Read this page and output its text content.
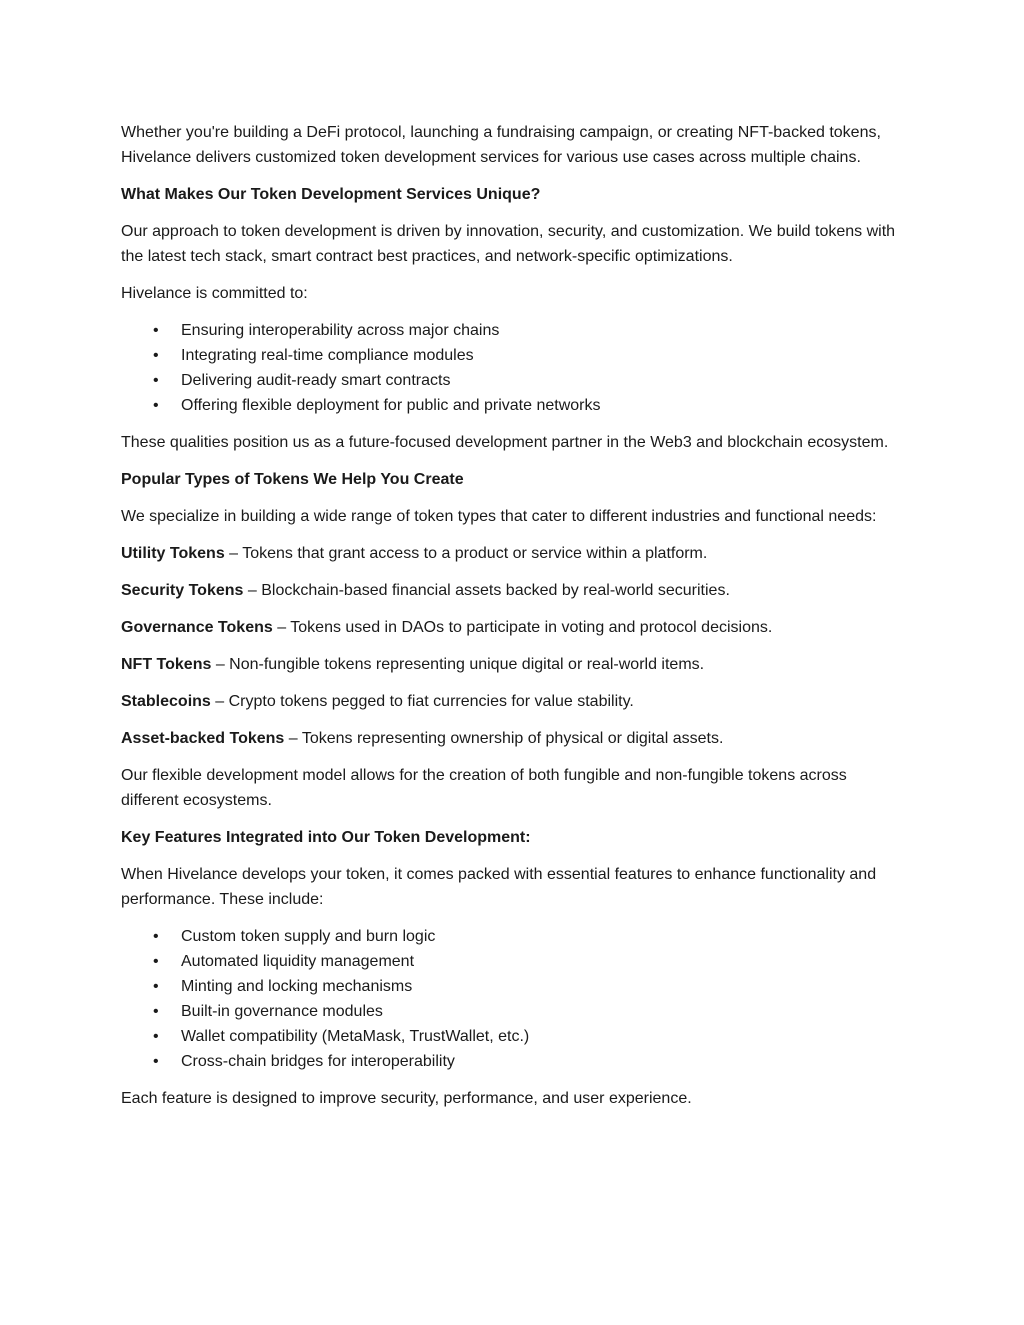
Whether you're building a DeFi protocol, launching a fundraising campaign, or creating NFT-backed tokens, Hivelance delivers customized token development services for various use cases across multiple chains.

What Makes Our Token Development Services Unique?

Our approach to token development is driven by innovation, security, and customization. We build tokens with the latest tech stack, smart contract best practices, and network-specific optimizations.

Hivelance is committed to:

• Ensuring interoperability across major chains
• Integrating real-time compliance modules
• Delivering audit-ready smart contracts
• Offering flexible deployment for public and private networks

These qualities position us as a future-focused development partner in the Web3 and blockchain ecosystem.

Popular Types of Tokens We Help You Create

We specialize in building a wide range of token types that cater to different industries and functional needs:

Utility Tokens – Tokens that grant access to a product or service within a platform.

Security Tokens – Blockchain-based financial assets backed by real-world securities.

Governance Tokens – Tokens used in DAOs to participate in voting and protocol decisions.

NFT Tokens – Non-fungible tokens representing unique digital or real-world items.

Stablecoins – Crypto tokens pegged to fiat currencies for value stability.

Asset-backed Tokens – Tokens representing ownership of physical or digital assets.

Our flexible development model allows for the creation of both fungible and non-fungible tokens across different ecosystems.

Key Features Integrated into Our Token Development:

When Hivelance develops your token, it comes packed with essential features to enhance functionality and performance. These include:

• Custom token supply and burn logic
• Automated liquidity management
• Minting and locking mechanisms
• Built-in governance modules
• Wallet compatibility (MetaMask, TrustWallet, etc.)
• Cross-chain bridges for interoperability

Each feature is designed to improve security, performance, and user experience.
